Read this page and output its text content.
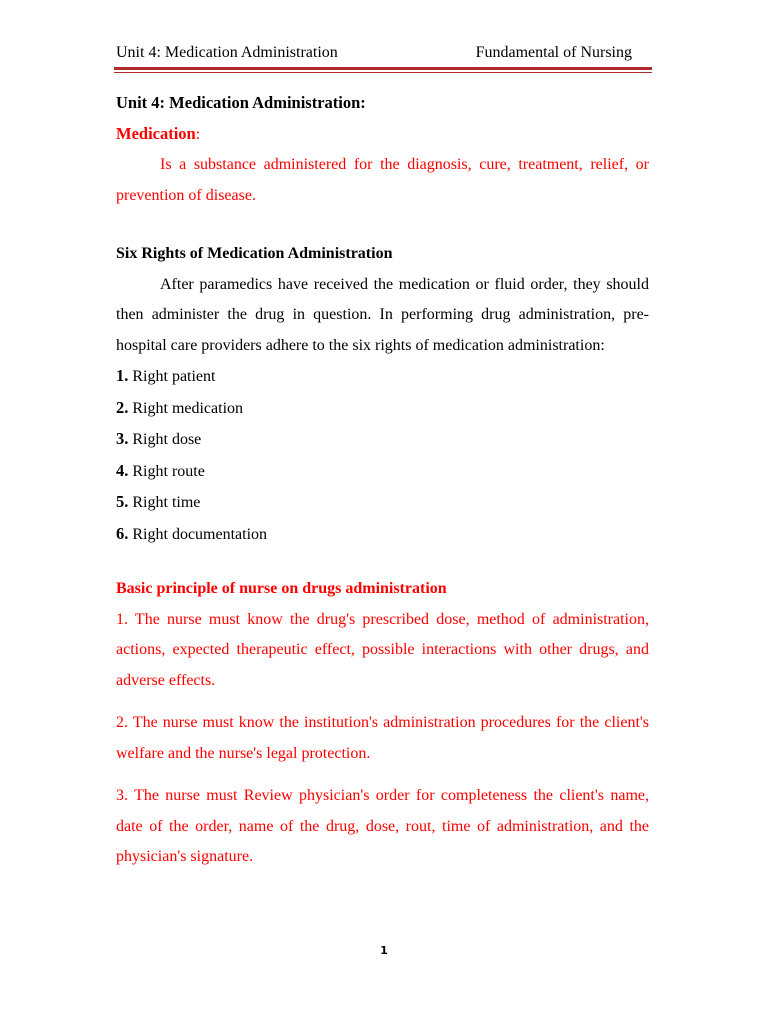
Unit 4: Medication Administration	Fundamental of Nursing

Unit 4: Medication Administration:

Medication:

Is a substance administered for the diagnosis, cure, treatment, relief, or prevention of disease.

Six Rights of Medication Administration

After paramedics have received the medication or fluid order, they should then administer the drug in question. In performing drug administration, pre-hospital care providers adhere to the six rights of medication administration:

1. Right patient

2. Right medication

3. Right dose

4. Right route

5. Right time

6. Right documentation

Basic principle of nurse on drugs administration

1. The nurse must know the drug's prescribed dose, method of administration, actions, expected therapeutic effect, possible interactions with other drugs, and adverse effects.

2. The nurse must know the institution's administration procedures for the client's welfare and the nurse's legal protection.

3. The nurse must Review physician's order for completeness the client's name, date of the order, name of the drug, dose, rout, time of administration, and the physician's signature.

1
